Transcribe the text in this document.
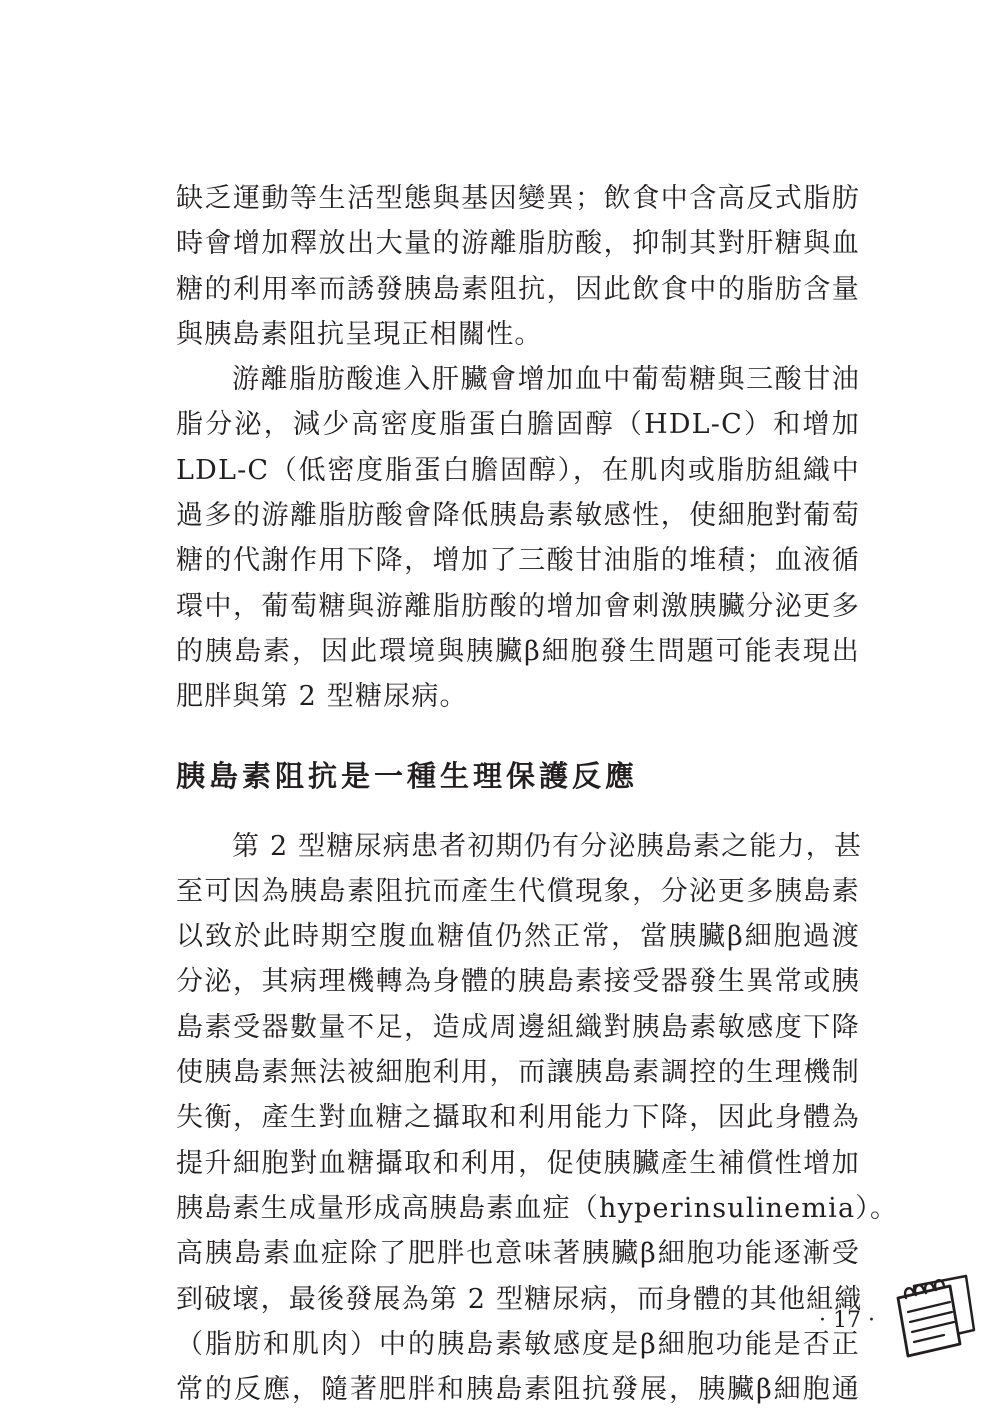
缺乏運動等生活型態與基因變異；飲食中含高反式脂肪
時會增加釋放出大量的游離脂肪酸，抑制其對肝糖與血
糖的利用率而誘發胰島素阻抗，因此飲食中的脂肪含量
與胰島素阻抗呈現正相關性。

游離脂肪酸進入肝臟會增加血中葡萄糖與三酸甘油
脂分泌，減少高密度脂蛋白膽固醇（HDL-C）和增加
LDL-C（低密度脂蛋白膽固醇），在肌肉或脂肪組織中
過多的游離脂肪酸會降低胰島素敏感性，使細胞對葡萄
糖的代謝作用下降，增加了三酸甘油脂的堆積；血液循
環中，葡萄糖與游離脂肪酸的增加會刺激胰臟分泌更多
的胰島素，因此環境與胰臟β細胞發生問題可能表現出
肥胖與第 2 型糖尿病。

胰島素阻抗是一種生理保護反應

第 2 型糖尿病患者初期仍有分泌胰島素之能力，甚
至可因為胰島素阻抗而產生代償現象，分泌更多胰島素
以致於此時期空腹血糖值仍然正常，當胰臟β細胞過渡
分泌，其病理機轉為身體的胰島素接受器發生異常或胰
島素受器數量不足，造成周邊組織對胰島素敏感度下降
使胰島素無法被細胞利用，而讓胰島素調控的生理機制
失衡，產生對血糖之攝取和利用能力下降，因此身體為
提升細胞對血糖攝取和利用，促使胰臟產生補償性增加
胰島素生成量形成高胰島素血症（hyperinsulinemia）。
高胰島素血症除了肥胖也意味著胰臟β細胞功能逐漸受
到破壞，最後發展為第 2 型糖尿病，而身體的其他組織
（脂肪和肌肉）中的胰島素敏感度是β細胞功能是否正
常的反應，隨著肥胖和胰島素阻抗發展，胰臟β細胞通

· 17 ·
